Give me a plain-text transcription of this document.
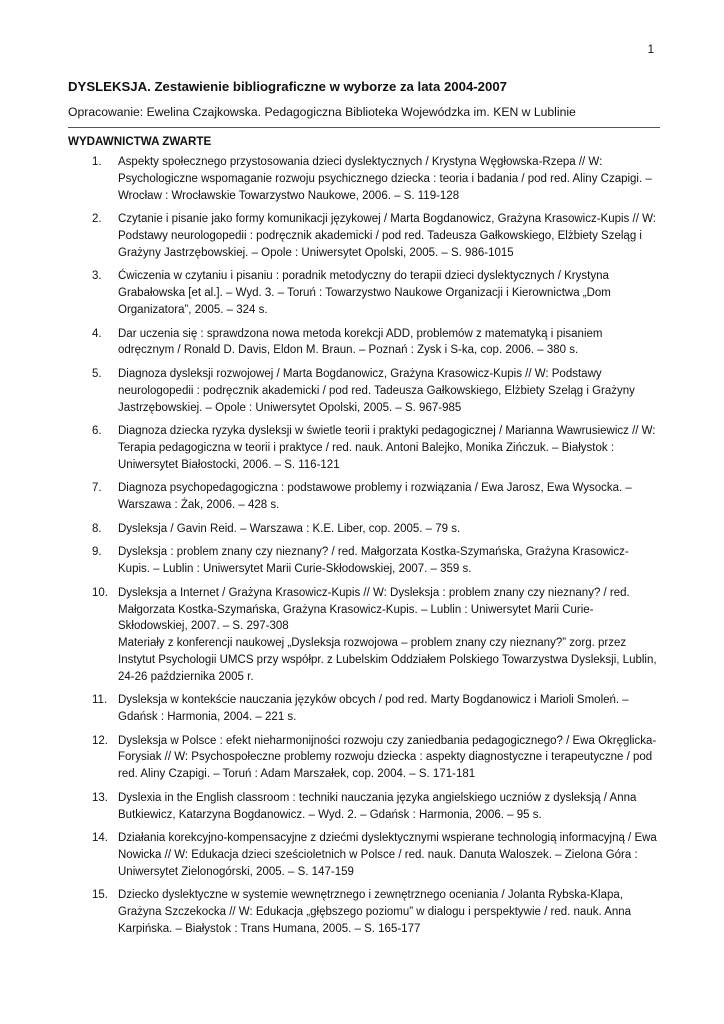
1

DYSLEKSJA. Zestawienie bibliograficzne w wyborze za lata 2004-2007

Opracowanie: Ewelina Czajkowska. Pedagogiczna Biblioteka Wojewódzka im. KEN w Lublinie

WYDAWNICTWA ZWARTE
1. Aspekty społecznego przystosowania dzieci dyslektycznych / Krystyna Węgłowska-Rzepa // W: Psychologiczne wspomaganie rozwoju psychicznego dziecka : teoria i badania / pod red. Aliny Czapigi. – Wrocław : Wrocławskie Towarzystwo Naukowe, 2006. – S. 119-128
2. Czytanie i pisanie jako formy komunikacji językowej / Marta Bogdanowicz, Grażyna Krasowicz-Kupis // W: Podstawy neurologopedii : podręcznik akademicki / pod red. Tadeusza Gałkowskiego, Elżbiety Szeląg i Grażyny Jastrzębowskiej. – Opole : Uniwersytet Opolski, 2005. – S. 986-1015
3. Ćwiczenia w czytaniu i pisaniu : poradnik metodyczny do terapii dzieci dyslektycznych / Krystyna Grabałowska [et al.]. – Wyd. 3. – Toruń : Towarzystwo Naukowe Organizacji i Kierownictwa „Dom Organizatora”, 2005. – 324 s.
4. Dar uczenia się : sprawdzona nowa metoda korekcji ADD, problemów z matematyką i pisaniem odręcznym / Ronald D. Davis, Eldon M. Braun. – Poznań : Zysk i S-ka, cop. 2006. – 380 s.
5. Diagnoza dysleksji rozwojowej / Marta Bogdanowicz, Grażyna Krasowicz-Kupis // W: Podstawy neurologopedii : podręcznik akademicki / pod red. Tadeusza Gałkowskiego, Elżbiety Szeląg i Grażyny Jastrzębowskiej. – Opole : Uniwersytet Opolski, 2005. – S. 967-985
6. Diagnoza dziecka ryzyka dysleksji w świetle teorii i praktyki pedagogicznej / Marianna Wawrusiewicz // W: Terapia pedagogiczna w teorii i praktyce / red. nauk. Antoni Balejko, Monika Zińczuk. – Białystok : Uniwersytet Białostocki, 2006. – S. 116-121
7. Diagnoza psychopedagogiczna : podstawowe problemy i rozwiązania / Ewa Jarosz, Ewa Wysocka. – Warszawa : Żak, 2006. – 428 s.
8. Dysleksja / Gavin Reid. – Warszawa : K.E. Liber, cop. 2005. – 79 s.
9. Dysleksja : problem znany czy nieznany? / red. Małgorzata Kostka-Szymańska, Grażyna Krasowicz-Kupis. – Lublin : Uniwersytet Marii Curie-Skłodowskiej, 2007. – 359 s.
10. Dysleksja a Internet / Grażyna Krasowicz-Kupis // W: Dysleksja : problem znany czy nieznany? / red. Małgorzata Kostka-Szymańska, Grażyna Krasowicz-Kupis. – Lublin : Uniwersytet Marii Curie-Skłodowskiej, 2007. – S. 297-308
Materiały z konferencji naukowej „Dysleksja rozwojowa – problem znany czy nieznany?” zorg. przez Instytut Psychologii UMCS przy współpr. z Lubelskim Oddziałem Polskiego Towarzystwa Dysleksji, Lublin, 24-26 października 2005 r.
11. Dysleksja w kontekście nauczania języków obcych / pod red. Marty Bogdanowicz i Marioli Smoleń. – Gdańsk : Harmonia, 2004. – 221 s.
12. Dysleksja w Polsce : efekt nieharmonijności rozwoju czy zaniedbania pedagogicznego? / Ewa Okręglicka-Forysiak // W: Psychospołeczne problemy rozwoju dziecka : aspekty diagnostyczne i terapeutyczne / pod red. Aliny Czapigi. – Toruń : Adam Marszałek, cop. 2004. – S. 171-181
13. Dyslexia in the English classroom : techniki nauczania języka angielskiego uczniów z dysleksją / Anna Butkiewicz, Katarzyna Bogdanowicz. – Wyd. 2. – Gdańsk : Harmonia, 2006. – 95 s.
14. Działania korekcyjno-kompensacyjne z dziećmi dyslektycznymi wspierane technologią informacyjną / Ewa Nowicka // W: Edukacja dzieci sześcioletnich w Polsce / red. nauk. Danuta Waloszek. – Zielona Góra : Uniwersytet Zielonogórski, 2005. – S. 147-159
15. Dziecko dyslektyczne w systemie wewnętrznego i zewnętrznego oceniania / Jolanta Rybska-Klapa, Grażyna Szczekocka // W: Edukacja „głębszego poziomu” w dialogu i perspektywie / red. nauk. Anna Karpińska. – Białystok : Trans Humana, 2005. – S. 165-177
